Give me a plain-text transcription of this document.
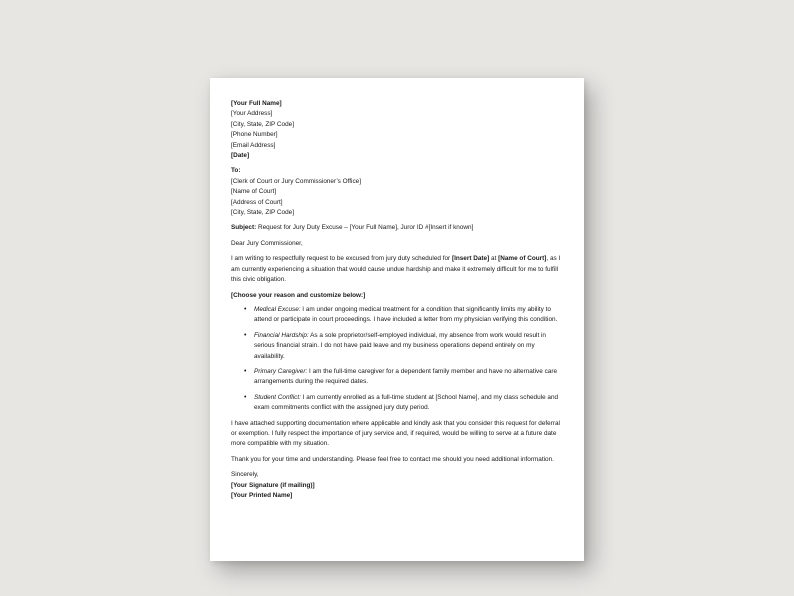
[Your Full Name]
[Your Address]
[City, State, ZIP Code]
[Phone Number]
[Email Address]
[Date]
To:
[Clerk of Court or Jury Commissioner’s Office]
[Name of Court]
[Address of Court]
[City, State, ZIP Code]
Subject: Request for Jury Duty Excuse – [Your Full Name], Juror ID #[Insert if known]
Dear Jury Commissioner,
I am writing to respectfully request to be excused from jury duty scheduled for [Insert Date] at [Name of Court], as I am currently experiencing a situation that would cause undue hardship and make it extremely difficult for me to fulfill this civic obligation.
[Choose your reason and customize below:]
• Medical Excuse: I am under ongoing medical treatment for a condition that significantly limits my ability to attend or participate in court proceedings. I have included a letter from my physician verifying this condition.
• Financial Hardship: As a sole proprietor/self-employed individual, my absence from work would result in serious financial strain. I do not have paid leave and my business operations depend entirely on my availability.
• Primary Caregiver: I am the full-time caregiver for a dependent family member and have no alternative care arrangements during the required dates.
• Student Conflict: I am currently enrolled as a full-time student at [School Name], and my class schedule and exam commitments conflict with the assigned jury duty period.
I have attached supporting documentation where applicable and kindly ask that you consider this request for deferral or exemption. I fully respect the importance of jury service and, if required, would be willing to serve at a future date more compatible with my situation.
Thank you for your time and understanding. Please feel free to contact me should you need additional information.
Sincerely,
[Your Signature (if mailing)]
[Your Printed Name]
